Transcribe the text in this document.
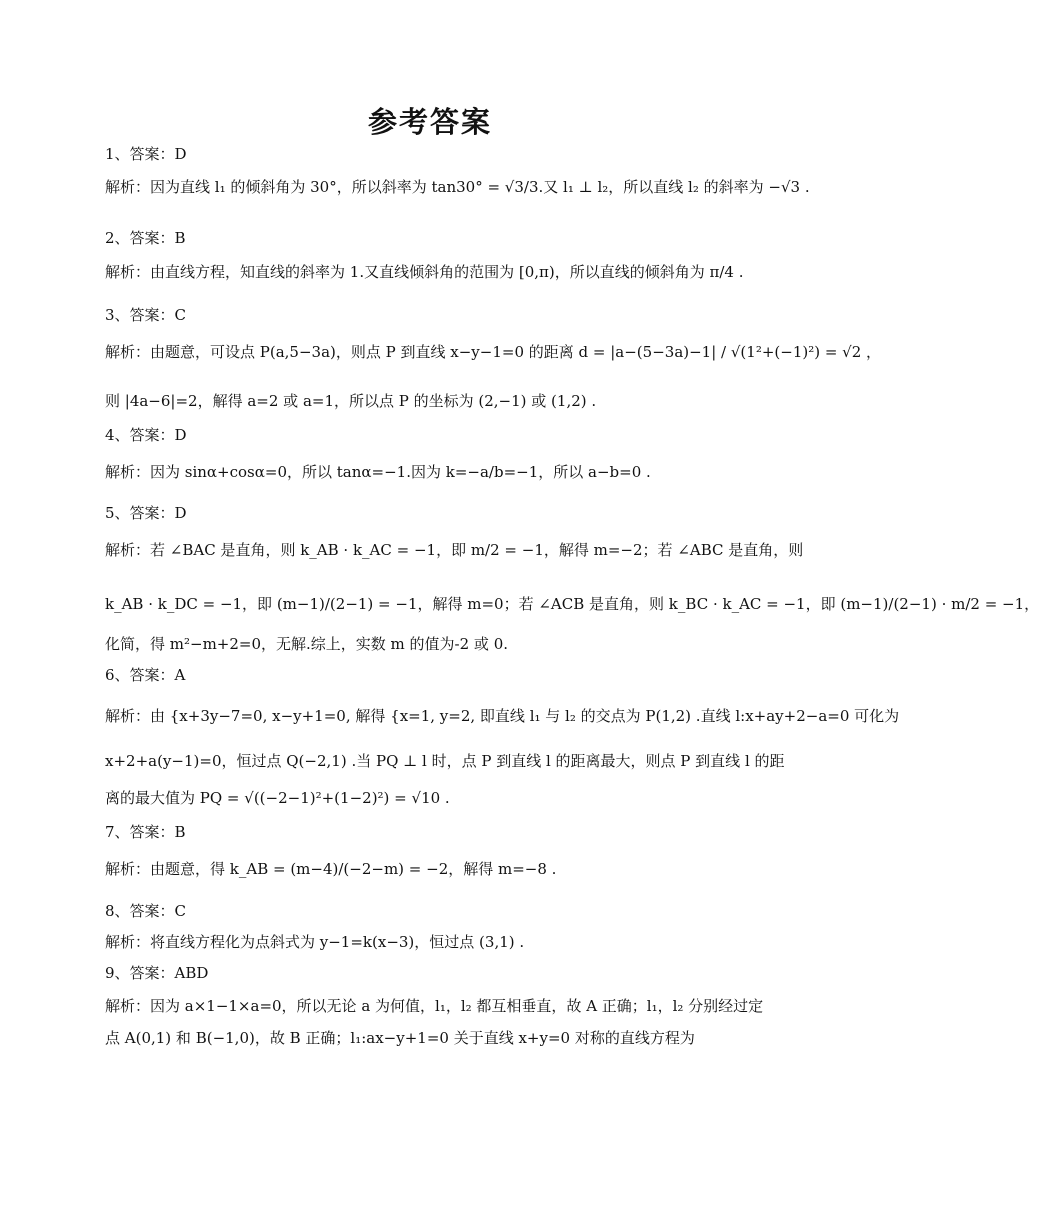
参考答案
1、答案：D
解析：因为直线 l₁ 的倾斜角为 30°，所以斜率为 tan30° = √3/3.又 l₁ ⊥ l₂，所以直线 l₂ 的斜率为 −√3 .
2、答案：B
解析：由直线方程，知直线的斜率为 1.又直线倾斜角的范围为 [0,π)，所以直线的倾斜角为 π/4 .
3、答案：C
解析：由题意，可设点 P(a,5−3a)，则点 P 到直线 x−y−1=0 的距离 d = |a−(5−3a)−1| / √(1²+(−1)²) = √2 ，
则 |4a−6|=2，解得 a=2 或 a=1，所以点 P 的坐标为 (2,−1) 或 (1,2) .
4、答案：D
解析：因为 sinα+cosα=0，所以 tanα=−1.因为 k=−a/b=−1，所以 a−b=0 .
5、答案：D
解析：若 ∠BAC 是直角，则 k_AB · k_AC = −1，即 m/2 = −1，解得 m=−2；若 ∠ABC 是直角，则
k_AB · k_DC = −1，即 (m−1)/(2−1) = −1，解得 m=0；若 ∠ACB 是直角，则 k_BC · k_AC = −1，即 (m−1)/(2−1) · m/2 = −1，
化简，得 m²−m+2=0，无解.综上，实数 m 的值为-2 或 0.
6、答案：A
解析：由 {x+3y−7=0, x−y+1=0, 解得 {x=1, y=2, 即直线 l₁ 与 l₂ 的交点为 P(1,2) .直线 l:x+ay+2−a=0 可化为
x+2+a(y−1)=0，恒过点 Q(−2,1) .当 PQ ⊥ l 时，点 P 到直线 l 的距离最大，则点 P 到直线 l 的距
离的最大值为 PQ = √((−2−1)²+(1−2)²) = √10 .
7、答案：B
解析：由题意，得 k_AB = (m−4)/(−2−m) = −2，解得 m=−8 .
8、答案：C
解析：将直线方程化为点斜式为 y−1=k(x−3)，恒过点 (3,1) .
9、答案：ABD
解析：因为 a×1−1×a=0，所以无论 a 为何值，l₁，l₂ 都互相垂直，故 A 正确；l₁，l₂ 分别经过定
点 A(0,1) 和 B(−1,0)，故 B 正确；l₁:ax−y+1=0 关于直线 x+y=0 对称的直线方程为
